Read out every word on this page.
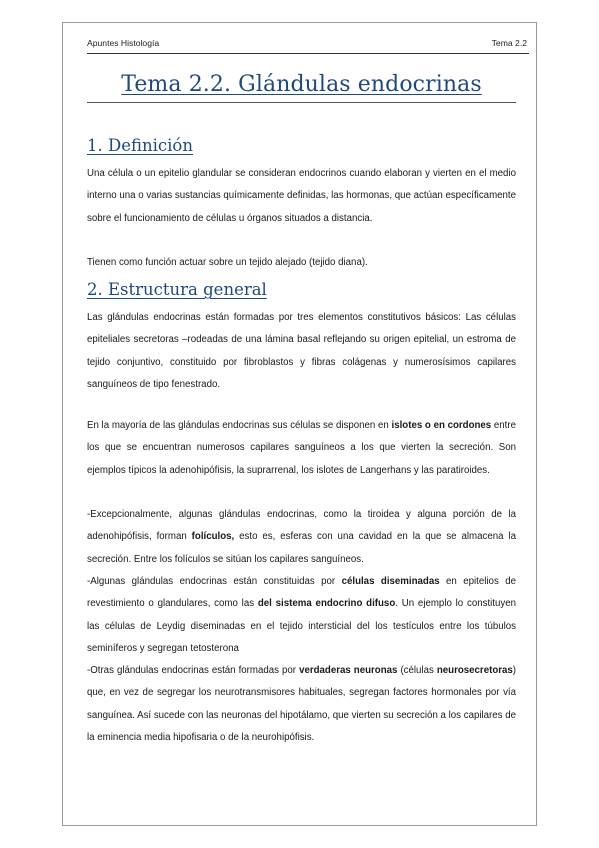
Apuntes Histología	Tema 2.2
Tema 2.2. Glándulas endocrinas
1. Definición

Una célula o un epitelio glandular se consideran endocrinos cuando elaboran y vierten en el medio interno una o varias sustancias químicamente definidas, las hormonas, que actúan específicamente sobre el funcionamiento de células u órganos situados a distancia.

Tienen como función actuar sobre un tejido alejado (tejido diana).

2. Estructura general

Las glándulas endocrinas están formadas por tres elementos constitutivos básicos: Las células epiteliales secretoras –rodeadas de una lámina basal reflejando su origen epitelial, un estroma de tejido conjuntivo, constituido por fibroblastos y fibras colágenas y numerosísimos capilares sanguíneos de tipo fenestrado.

En la mayoría de las glándulas endocrinas sus células se disponen en islotes o en cordones entre los que se encuentran numerosos capilares sanguíneos a los que vierten la secreción. Son ejemplos típicos la adenohipófisis, la suprarrenal, los islotes de Langerhans y las paratiroides.

-Excepcionalmente, algunas glándulas endocrinas, como la tiroidea y alguna porción de la adenohipófisis, forman folículos, esto es, esferas con una cavidad en la que se almacena la secreción. Entre los folículos se sitúan los capilares sanguíneos.

-Algunas glándulas endocrinas están constituidas por células diseminadas en epitelios de revestimiento o glandulares, como las del sistema endocrino difuso. Un ejemplo lo constituyen las células de Leydig diseminadas en el tejido intersticial del los testículos entre los túbulos seminíferos y segregan tetosterona

-Otras glándulas endocrinas están formadas por verdaderas neuronas (células neurosecretoras) que, en vez de segregar los neurotransmisores habituales, segregan factores hormonales por vía sanguínea. Así sucede con las neuronas del hipotálamo, que vierten su secreción a los capilares de la eminencia media hipofisaria o de la neurohipófisis.
